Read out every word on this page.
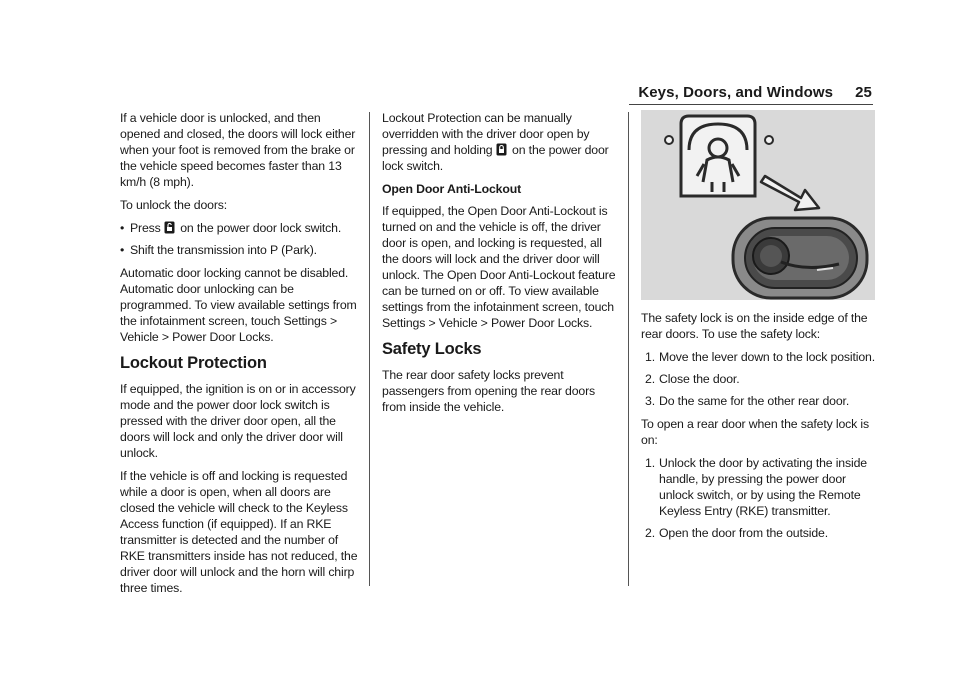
Keys, Doors, and Windows 25

If a vehicle door is unlocked, and then opened and closed, the doors will lock either when your foot is removed from the brake or the vehicle speed becomes faster than 13 km/h (8 mph).

To unlock the doors:

• Press  on the power door lock switch.
• Shift the transmission into P (Park).

Automatic door locking cannot be disabled. Automatic door unlocking can be programmed. To view available settings from the infotainment screen, touch Settings > Vehicle > Power Door Locks.

Lockout Protection

If equipped, the ignition is on or in accessory mode and the power door lock switch is pressed with the driver door open, all the doors will lock and only the driver door will unlock.

If the vehicle is off and locking is requested while a door is open, when all doors are closed the vehicle will check to the Keyless Access function (if equipped). If an RKE transmitter is detected and the number of RKE transmitters inside has not reduced, the driver door will unlock and the horn will chirp three times.

Lockout Protection can be manually overridden with the driver door open by pressing and holding  on the power door lock switch.

Open Door Anti-Lockout

If equipped, the Open Door Anti-Lockout is turned on and the vehicle is off, the driver door is open, and locking is requested, all the doors will lock and the driver door will unlock. The Open Door Anti-Lockout feature can be turned on or off. To view available settings from the infotainment screen, touch Settings > Vehicle > Power Door Locks.

Safety Locks

The rear door safety locks prevent passengers from opening the rear doors from inside the vehicle.

The safety lock is on the inside edge of the rear doors. To use the safety lock:

1. Move the lever down to the lock position.
2. Close the door.
3. Do the same for the other rear door.

To open a rear door when the safety lock is on:

1. Unlock the door by activating the inside handle, by pressing the power door unlock switch, or by using the Remote Keyless Entry (RKE) transmitter.
2. Open the door from the outside.
